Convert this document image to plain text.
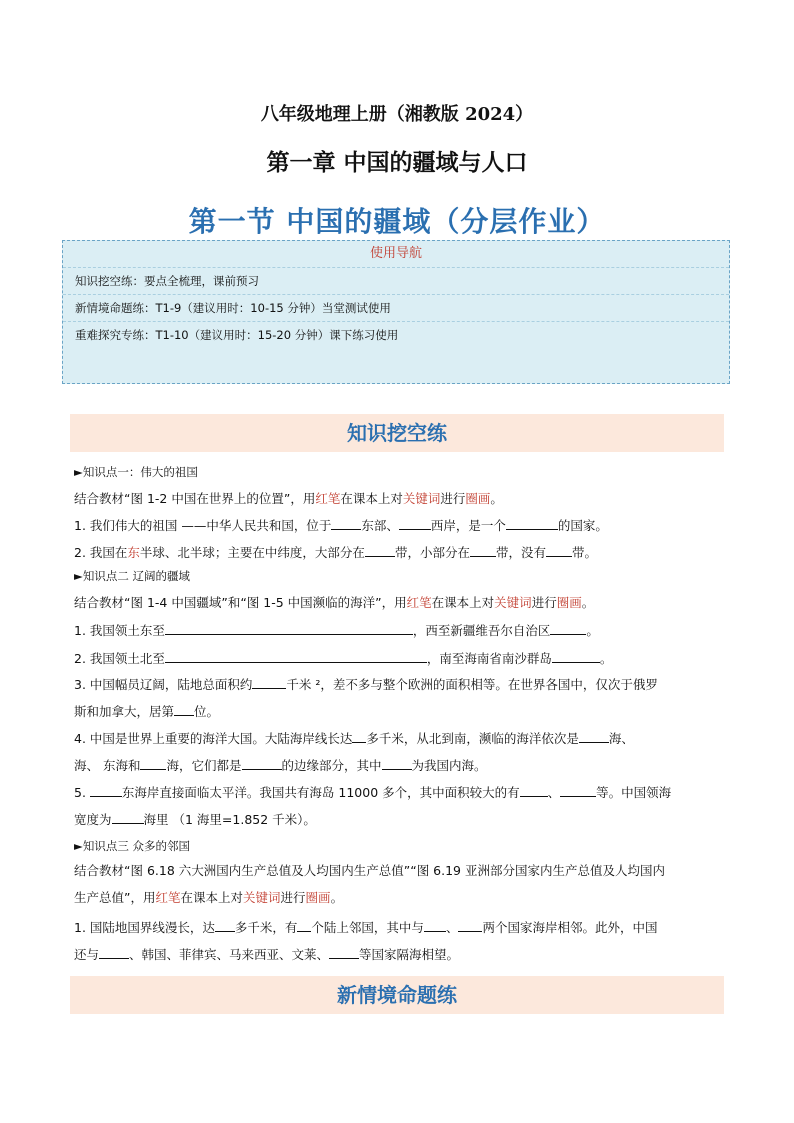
八年级地理上册（湘教版 2024）
第一章 中国的疆域与人口
第一节 中国的疆域（分层作业）
使用导航
知识挖空练：要点全梳理，课前预习
新情境命题练：T1-9（建议用时：10-15 分钟）当堂测试使用
重难探究专练：T1-10（建议用时：15-20 分钟）课下练习使用
知识挖空练
►知识点一：伟大的祖国
结合教材“图 1-2 中国在世界上的位置”，用红笔在课本上对关键词进行圈画。
1. 我们伟大的祖国 ——中华人民共和国，位于 东部、	西岸，是一个	的国家。
2. 我国在东半球、北半球；主要在中纬度，大部分在 带，小部分在 带，没有 带。
►知识点二 辽阔的疆域
结合教材“图 1-4 中国疆域”和“图 1-5 中国濒临的海洋”，用红笔在课本上对关键词进行圈画。
1. 我国领土东至	，西至新疆维吾尔自治区	。
2. 我国领土北至	，南至海南省南沙群岛	。
3. 中国幅员辽阔，陆地总面积约	千米 ²，差不多与整个欧洲的面积相等。在世界各国中，仅次于俄罗
斯和加拿大，居第 位。
4. 中国是世界上重要的海洋大国。大陆海岸线长达 多千米，从北到南，濒临的海洋依次是 海、
海、 东海和 海，它们都是	的边缘部分，其中 为我国内海。
5.	东海岸直接面临太平洋。我国共有海岛 11000 多个，其中面积较大的有 、	等。中国领海
宽度为	海里 （1 海里=1.852 千米）。
►知识点三 众多的邻国
结合教材“图 6.18 六大洲国内生产总值及人均国内生产总值”“图 6.19 亚洲部分国家内生产总值及人均国内
生产总值”，用红笔在课本上对关键词进行圈画。
1. 国陆地国界线漫长，达 多千米，有 个陆上邻国，其中与 、 两个国家海岸相邻。此外，中国
还与 、韩国、菲律宾、马来西亚、文莱、 等国家隔海相望。
新情境命题练
